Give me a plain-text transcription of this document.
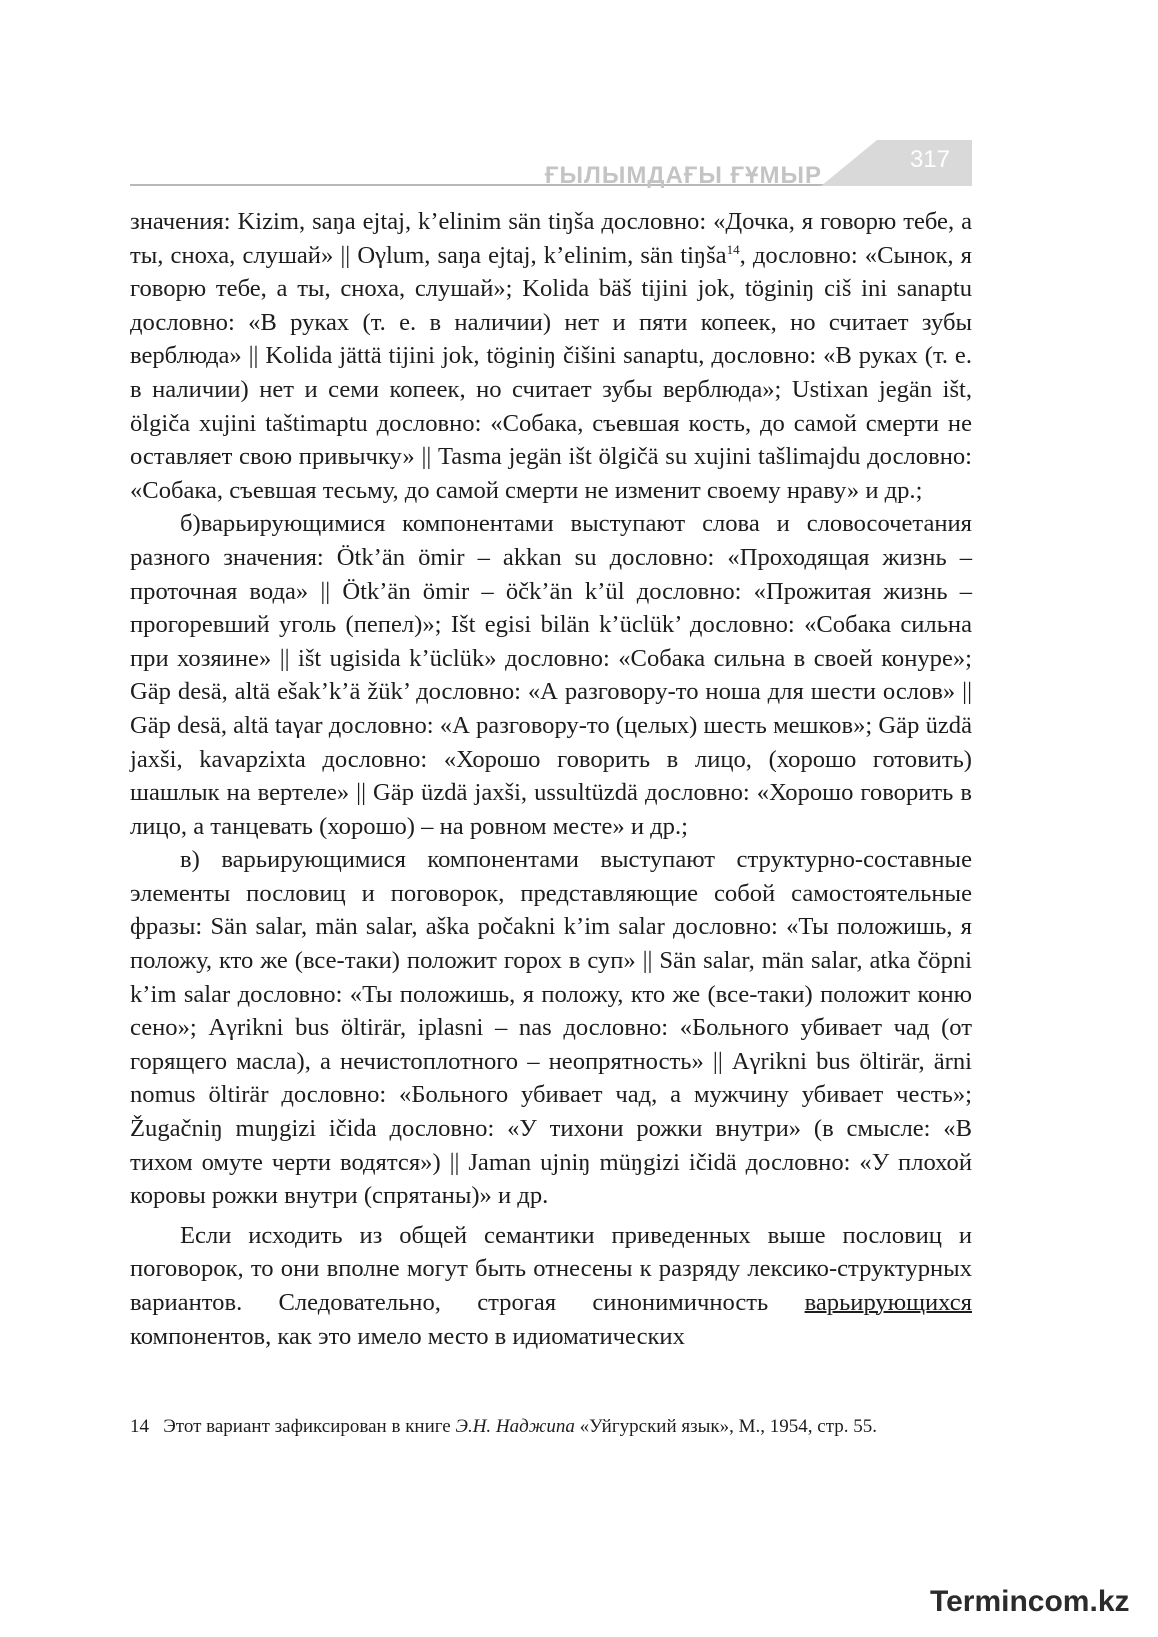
ҒЫЛЫМДАҒЫ ҒҰМЫР
317

значения: Kizim, saŋa ejtaj, k’elinim sän tiŋša дословно: «Дочка, я говорю тебе, а ты, сноха, слушай» || Oγlum, saŋa ejtaj, k’elinim, sän tiŋša$^{14}$, дословно: «Сынок, я говорю тебе, а ты, сноха, слушай»; Kolida bäš tijini jok, töginiŋ ciš ini sanaptu дословно: «В руках (т. е. в наличии) нет и пяти копеек, но считает зубы верблюда» || Kolida jättä tijini jok, töginiŋ čišini sanaptu, дословно: «В руках (т. е. в наличии) нет и семи копеек, но считает зубы верблюда»; Ustixan jegän išt, ölgiča xujini taštimaptu дословно: «Собака, съевшая кость, до самой смерти не оставляет свою привычку» || Tasma jegän išt ölgičä su xujini tašlimajdu дословно: «Собака, съевшая тесьму, до самой смерти не изменит своему нраву» и др.;

б)варьирующимися компонентами выступают слова и словосочетания разного значения: Ötk’än ömir – akkan su дословно: «Проходящая жизнь – проточная вода» || Ötk’än ömir – öčk’än k’ül дословно: «Прожитая жизнь – прогоревший уголь (пепел)»; Išt egisi bilän k’üclük’ дословно: «Собака сильна при хозяине» || išt ugisida k’üclük» дословно: «Собака сильна в своей конуре»; Gäp desä, altä ešak’k’ä žük’ дословно: «А разговору-то ноша для шести ослов» || Gäp desä, altä taγar дословно: «А разговору-то (целых) шесть мешков»; Gäp üzdä jaxši, kavapzixta дословно: «Хорошо говорить в лицо, (хорошо готовить) шашлык на вертеле» || Gäp üzdä jaxši, ussultüzdä дословно: «Хорошо говорить в лицо, а танцевать (хорошо) – на ровном месте» и др.;

в) варьирующимися компонентами выступают структурно-составные элементы пословиц и поговорок, представляющие собой самостоятельные фразы: Sän salar, män salar, aška počakni k’im salar дословно: «Ты положишь, я положу, кто же (все-таки) положит горох в суп» || Sän salar, män salar, atka čöpni k’im salar дословно: «Ты положишь, я положу, кто же (все-таки) положит коню сено»; Aγrikni bus öltirär, iplasni – nas дословно: «Больного убивает чад (от горящего масла), а нечистоплотного – неопрятность» || Aγrikni bus öltirär, ärni nomus öltirär дословно: «Больного убивает чад, а мужчину убивает честь»; Žugačniŋ muŋgizi ičida дословно: «У тихони рожки внутри» (в смысле: «В тихом омуте черти водятся») || Jaman ujniŋ müŋgizi ičidä дословно: «У плохой коровы рожки внутри (спрятаны)» и др.

Если исходить из общей семантики приведенных выше пословиц и поговорок, то они вполне могут быть отнесены к разряду лексико-структурных вариантов. Следовательно, строгая синонимичность варьирующихся компонентов, как это имело место в идиоматических

14 Этот вариант зафиксирован в книге Э.Н. Наджипа «Уйгурский язык», М., 1954, стр. 55.
Termincom.kz
